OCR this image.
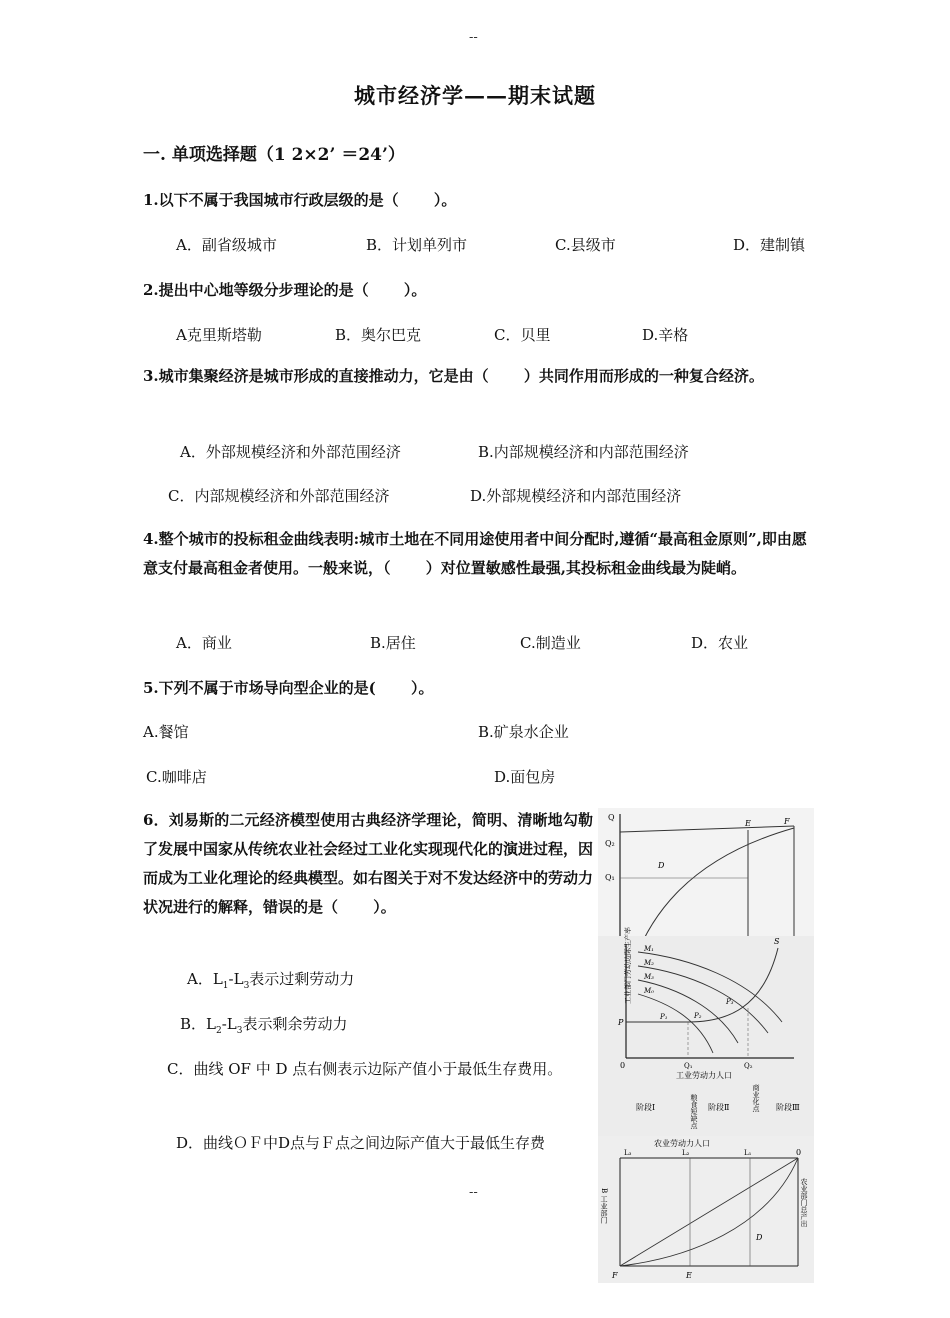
--
--
城市经济学——期末试题
一. 单项选择题（1 2×2’ ＝24’）
1.以下不属于我国城市行政层级的是（　　 ）。
A．副省级城市	B．计划单列市	C.县级市	D．建制镇
2.提出中心地等级分步理论的是（　　 ）。
A克里斯塔勒	B．奥尔巴克	C．贝里	D.辛格
3.城市集聚经济是城市形成的直接推动力，它是由（　　 ）共同作用而形成的一种复合经济。
A．外部规模经济和外部范围经济	B.内部规模经济和内部范围经济
C．内部规模经济和外部范围经济	D.外部规模经济和内部范围经济
4.整个城市的投标租金曲线表明:城市土地在不同用途使用者中间分配时,遵循“最高租金原则”,即由愿意支付最高租金者使用。一般来说，（　　 ）对位置敏感性最强,其投标租金曲线最为陡峭。
A．商业	B.居住	C.制造业	D．农业
5.下列不属于市场导向型企业的是(　　 ）。
A.餐馆	B.矿泉水企业
C.咖啡店	D.面包房
6．刘易斯的二元经济模型使用古典经济学理论，简明、清晰地勾勒了发展中国家从传统农业社会经过工业化实现现代化的演进过程，因而成为工业化理论的经典模型。如右图关于对不发达经济中的劳动力状况进行的解释，错误的是（　　 ）。
A．$L_1-L_3$表示过剩劳动力
B．$L_2-L_3$表示剩余劳动力
C．曲线 OF 中 D 点右侧表示边际产值小于最低生存费用。
D．曲线ＯＦ中D点与Ｆ点之间边际产值大于最低生存费
Q
Q₂
Q₁
D
E	F
工业部门劳动边际生产率 M₁
M₂
M₃
M₀
S
P
P₁	P₂
P₃
0	Q₁	Q₂
工业劳动力人口
阶段Ⅰ	阶段Ⅱ	阶段Ⅲ
粮食短缺点	商业化点
农业劳动力人口
L₃	L₂	L₁	0
D
E
F
B 工业部门	农业部门总产出
